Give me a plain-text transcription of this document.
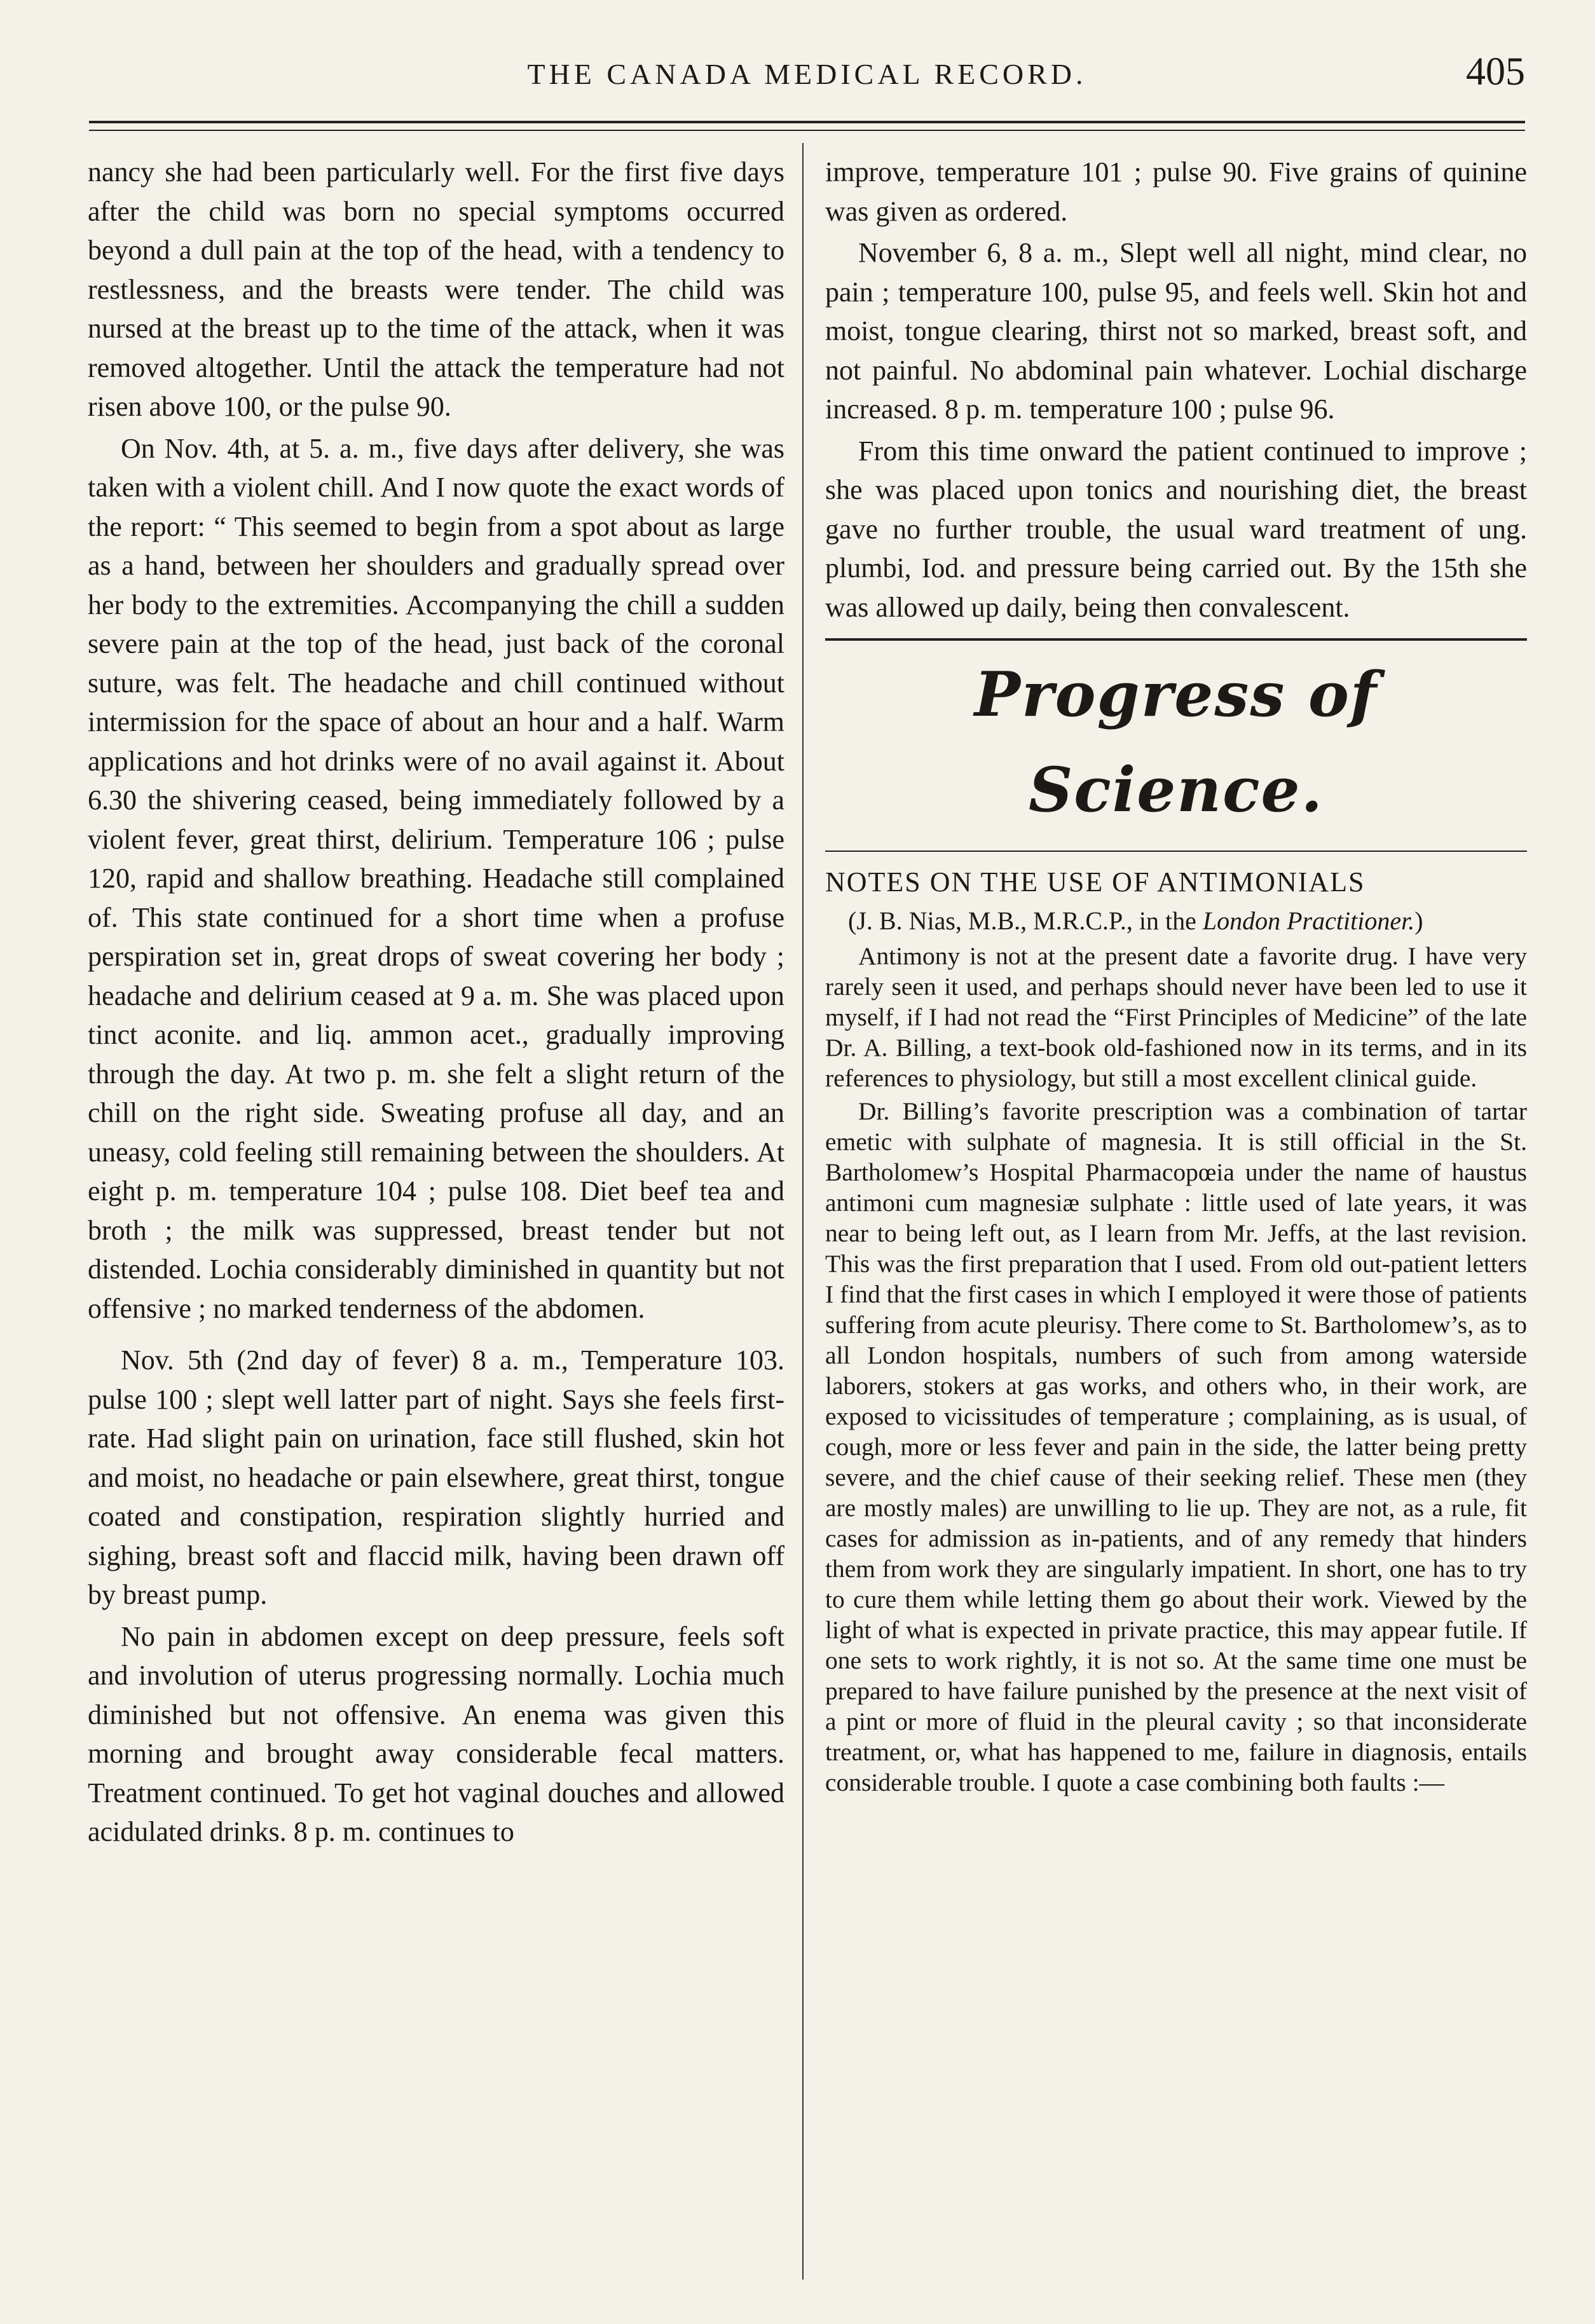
THE CANADA MEDICAL RECORD.	405

nancy she had been particularly well. For the first five days after the child was born no special symptoms occurred beyond a dull pain at the top of the head, with a tendency to restlessness, and the breasts were tender. The child was nursed at the breast up to the time of the attack, when it was removed altogether. Until the attack the temperature had not risen above 100, or the pulse 90.

On Nov. 4th, at 5. a. m., five days after delivery, she was taken with a violent chill. And I now quote the exact words of the report: “ This seemed to begin from a spot about as large as a hand, between her shoulders and gradually spread over her body to the extremities. Accompanying the chill a sudden severe pain at the top of the head, just back of the coronal suture, was felt. The headache and chill continued without intermission for the space of about an hour and a half. Warm applications and hot drinks were of no avail against it. About 6.30 the shivering ceased, being immediately followed by a violent fever, great thirst, delirium. Temperature 106 ; pulse 120, rapid and shallow breathing. Headache still complained of. This state continued for a short time when a profuse perspiration set in, great drops of sweat covering her body ; headache and delirium ceased at 9 a. m. She was placed upon tinct aconite. and liq. ammon acet., gradually improving through the day. At two p. m. she felt a slight return of the chill on the right side. Sweating profuse all day, and an uneasy, cold feeling still remaining between the shoulders. At eight p. m. temperature 104 ; pulse 108. Diet beef tea and broth ; the milk was suppressed, breast tender but not distended. Lochia considerably diminished in quantity but not offensive ; no marked tenderness of the abdomen.

Nov. 5th (2nd day of fever) 8 a. m., Temperature 103. pulse 100 ; slept well latter part of night. Says she feels first-rate. Had slight pain on urination, face still flushed, skin hot and moist, no headache or pain elsewhere, great thirst, tongue coated and constipation, respiration slightly hurried and sighing, breast soft and flaccid milk, having been drawn off by breast pump.

No pain in abdomen except on deep pressure, feels soft and involution of uterus progressing normally. Lochia much diminished but not offensive. An enema was given this morning and brought away considerable fecal matters. Treatment continued. To get hot vaginal douches and allowed acidulated drinks. 8 p. m. continues to

improve, temperature 101 ; pulse 90. Five grains of quinine was given as ordered.

November 6, 8 a. m., Slept well all night, mind clear, no pain ; temperature 100, pulse 95, and feels well. Skin hot and moist, tongue clearing, thirst not so marked, breast soft, and not painful. No abdominal pain whatever. Lochial discharge increased. 8 p. m. temperature 100 ; pulse 96.

From this time onward the patient continued to improve ; she was placed upon tonics and nourishing diet, the breast gave no further trouble, the usual ward treatment of ung. plumbi, Iod. and pressure being carried out. By the 15th she was allowed up daily, being then convalescent.

Progress of Science.

NOTES ON THE USE OF ANTIMONIALS

(J. B. Nias, M.B., M.R.C.P., in the London Practitioner.)

Antimony is not at the present date a favorite drug. I have very rarely seen it used, and perhaps should never have been led to use it myself, if I had not read the “First Principles of Medicine” of the late Dr. A. Billing, a text-book old-fashioned now in its terms, and in its references to physiology, but still a most excellent clinical guide.

Dr. Billing’s favorite prescription was a combination of tartar emetic with sulphate of magnesia. It is still official in the St. Bartholomew’s Hospital Pharmacopœia under the name of haustus antimoni cum magnesiæ sulphate : little used of late years, it was near to being left out, as I learn from Mr. Jeffs, at the last revision. This was the first preparation that I used. From old out-patient letters I find that the first cases in which I employed it were those of patients suffering from acute pleurisy. There come to St. Bartholomew’s, as to all London hospitals, numbers of such from among waterside laborers, stokers at gas works, and others who, in their work, are exposed to vicissitudes of temperature ; complaining, as is usual, of cough, more or less fever and pain in the side, the latter being pretty severe, and the chief cause of their seeking relief. These men (they are mostly males) are unwilling to lie up. They are not, as a rule, fit cases for admission as in-patients, and of any remedy that hinders them from work they are singularly impatient. In short, one has to try to cure them while letting them go about their work. Viewed by the light of what is expected in private practice, this may appear futile. If one sets to work rightly, it is not so. At the same time one must be prepared to have failure punished by the presence at the next visit of a pint or more of fluid in the pleural cavity ; so that inconsiderate treatment, or, what has happened to me, failure in diagnosis, entails considerable trouble. I quote a case combining both faults :—
